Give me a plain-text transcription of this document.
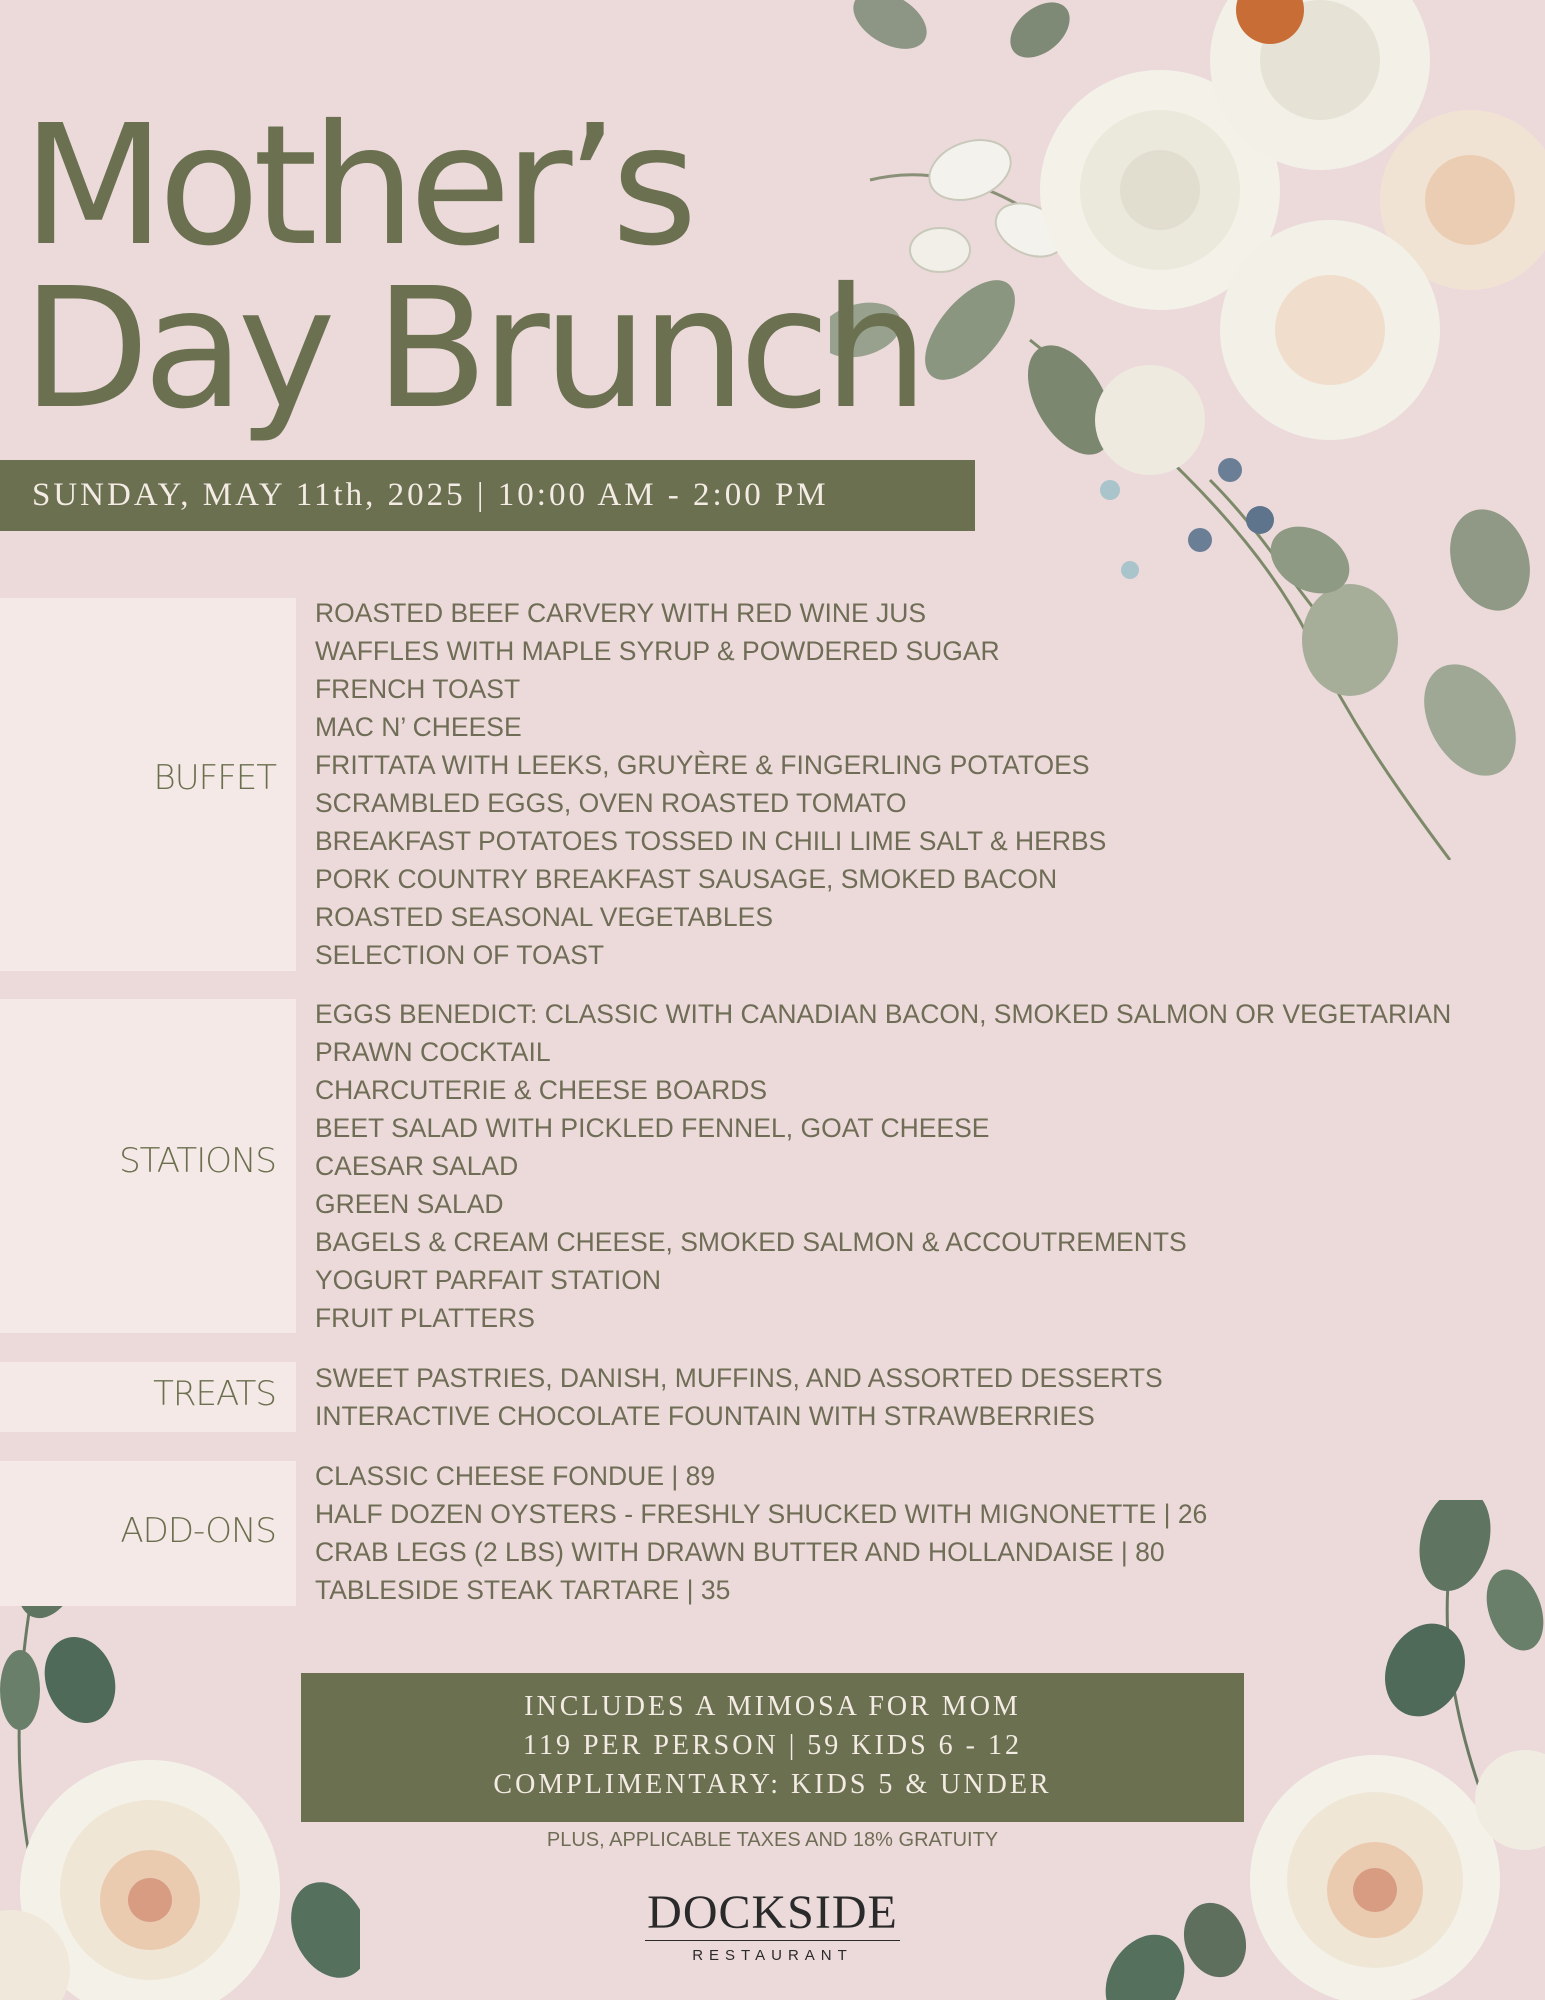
Mother’s
Day Brunch
SUNDAY, MAY 11th, 2025 | 10:00 AM - 2:00 PM
BUFFET
ROASTED BEEF CARVERY WITH RED WINE JUS
WAFFLES WITH MAPLE SYRUP & POWDERED SUGAR
FRENCH TOAST
MAC N’ CHEESE
FRITTATA WITH LEEKS, GRUYÈRE & FINGERLING POTATOES
SCRAMBLED EGGS, OVEN ROASTED TOMATO
BREAKFAST POTATOES TOSSED IN CHILI LIME SALT & HERBS
PORK COUNTRY BREAKFAST SAUSAGE, SMOKED BACON
ROASTED SEASONAL VEGETABLES
SELECTION OF TOAST
STATIONS
EGGS BENEDICT: CLASSIC WITH CANADIAN BACON, SMOKED SALMON OR VEGETARIAN
PRAWN COCKTAIL
CHARCUTERIE & CHEESE BOARDS
BEET SALAD WITH PICKLED FENNEL, GOAT CHEESE
CAESAR SALAD
GREEN SALAD
BAGELS & CREAM CHEESE, SMOKED SALMON & ACCOUTREMENTS
YOGURT PARFAIT STATION
FRUIT PLATTERS
TREATS SWEET PASTRIES, DANISH, MUFFINS, AND ASSORTED DESSERTS
INTERACTIVE CHOCOLATE FOUNTAIN WITH STRAWBERRIES
ADD-ONS
CLASSIC CHEESE FONDUE | 89
HALF DOZEN OYSTERS - FRESHLY SHUCKED WITH MIGNONETTE | 26
CRAB LEGS (2 LBS) WITH DRAWN BUTTER AND HOLLANDAISE | 80
TABLESIDE STEAK TARTARE | 35
INCLUDES A MIMOSA FOR MOM
119 PER PERSON | 59 KIDS 6 - 12
COMPLIMENTARY: KIDS 5 & UNDER
PLUS, APPLICABLE TAXES AND 18% GRATUITY
DOCKSIDE
RESTAURANT
